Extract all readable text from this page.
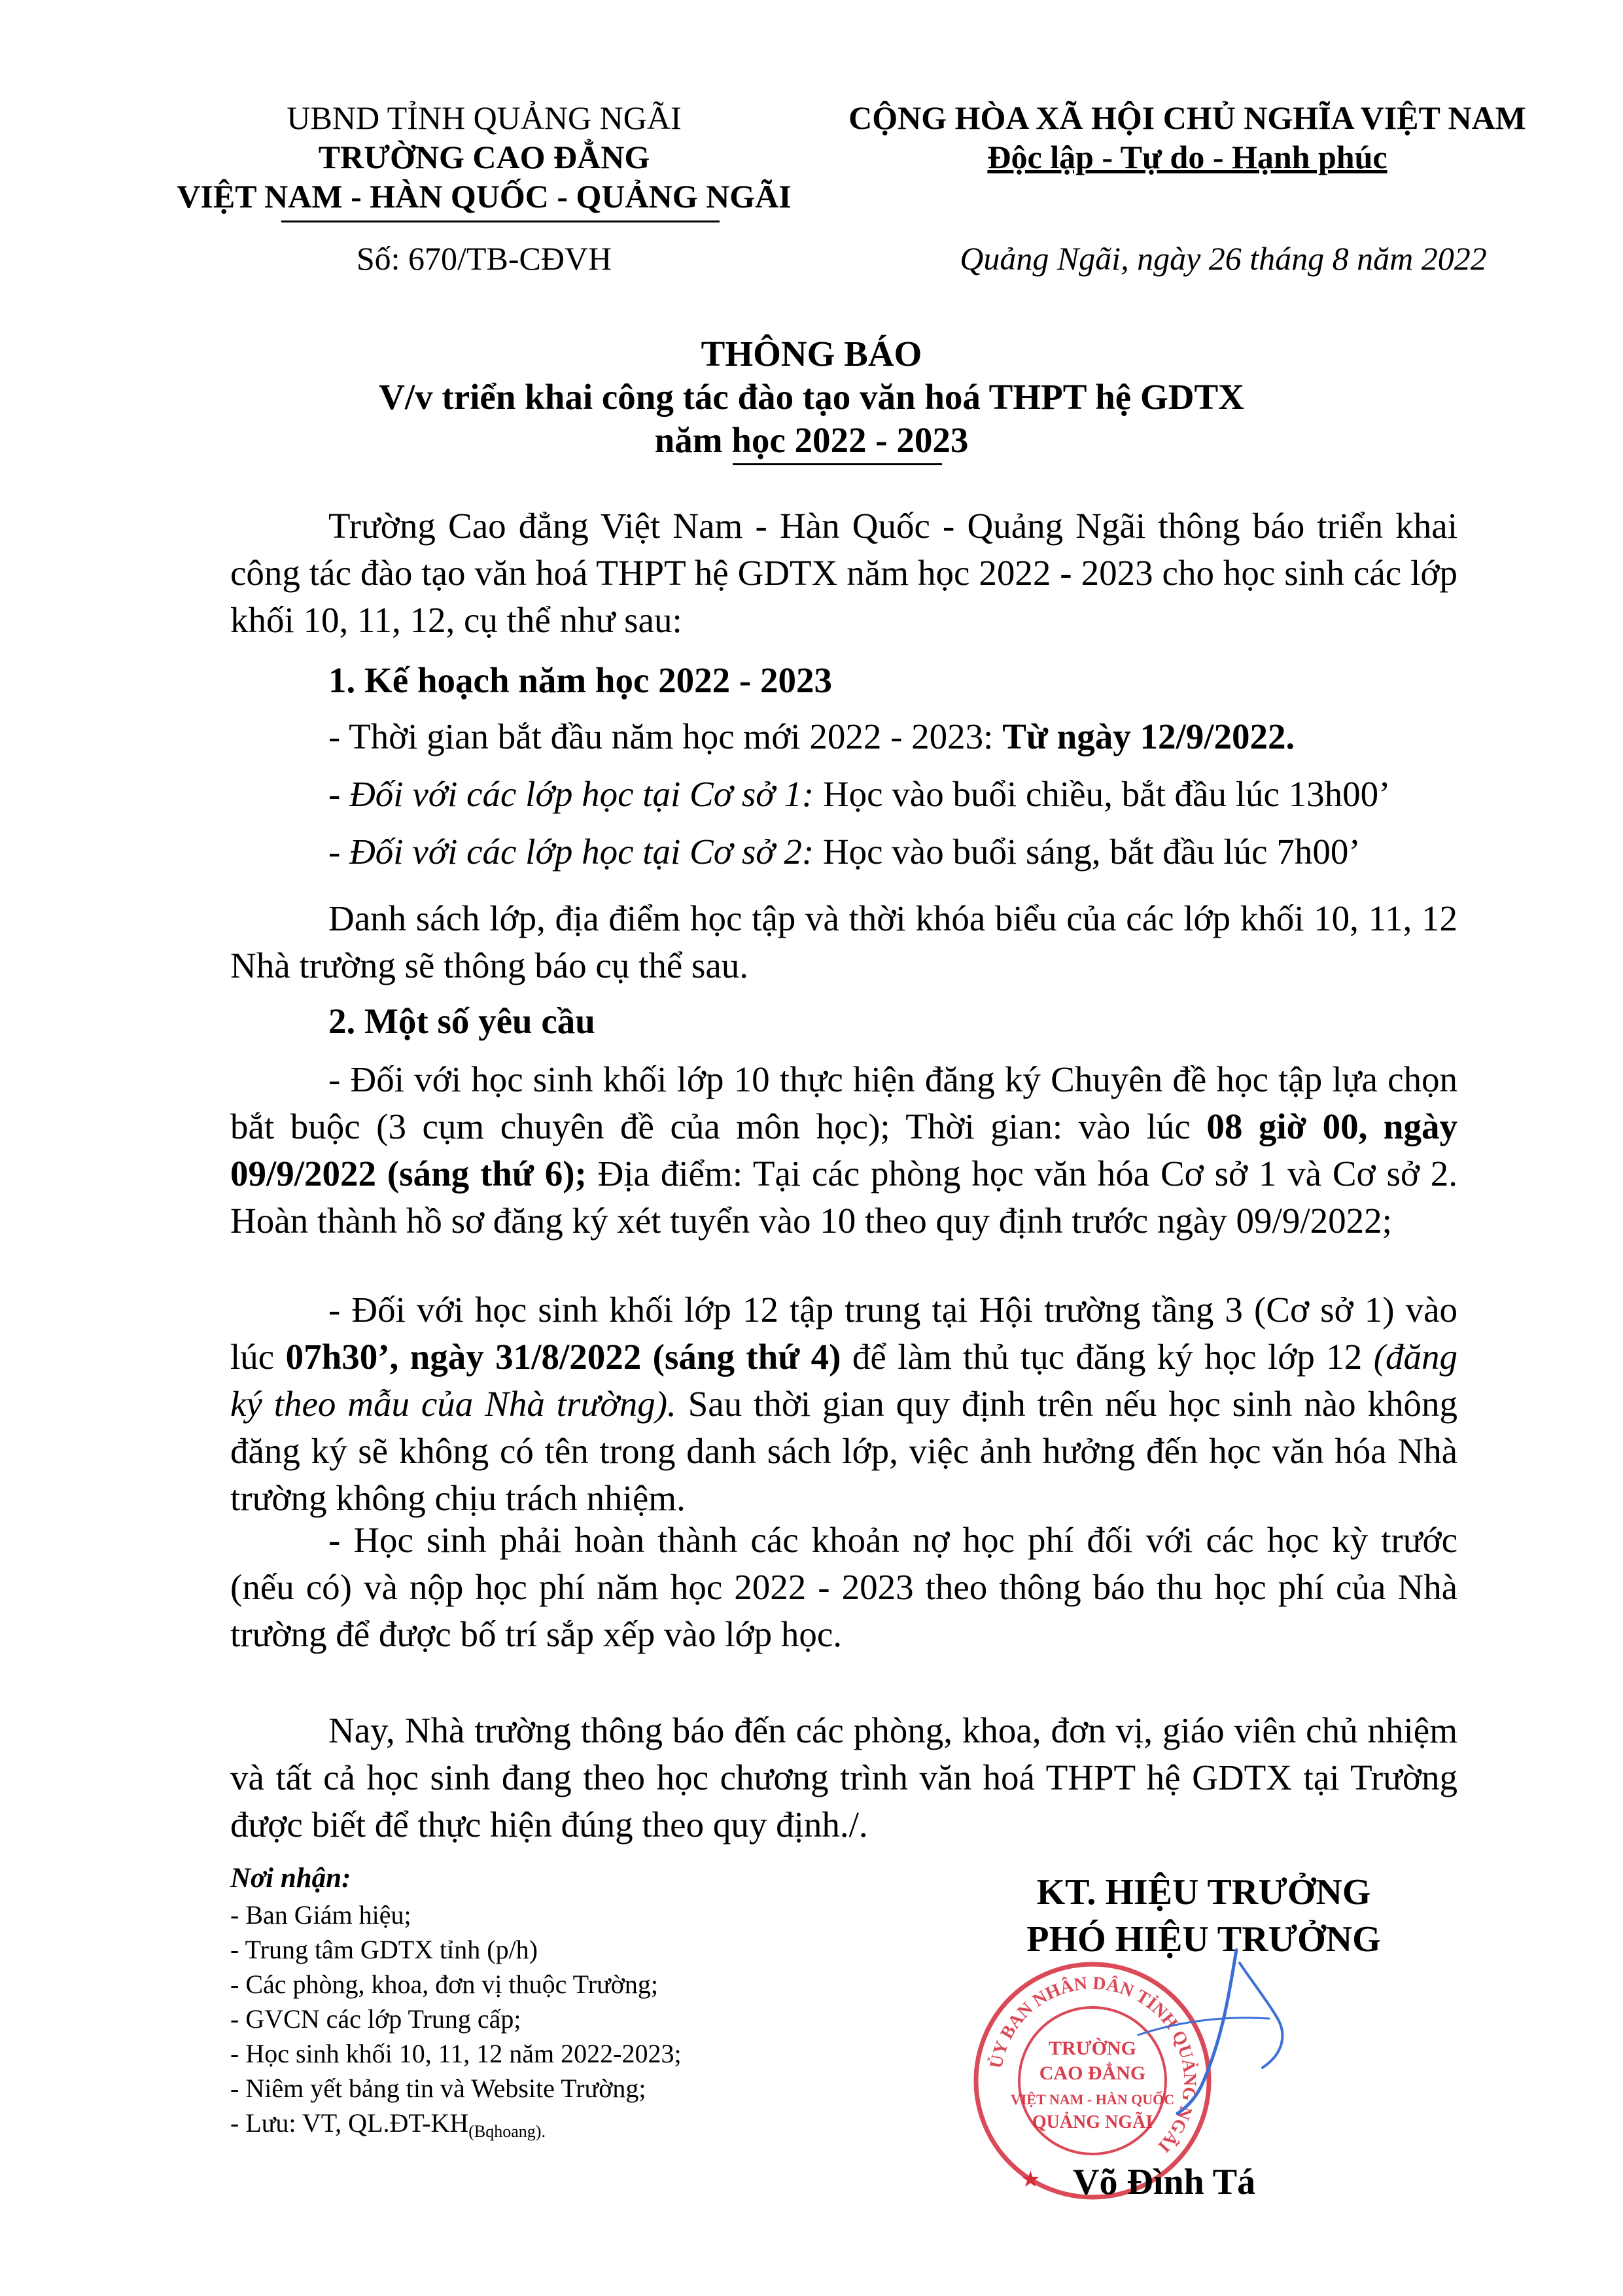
UBND TỈNH QUẢNG NGÃI
TRƯỜNG CAO ĐẲNG
VIỆT NAM - HÀN QUỐC - QUẢNG NGÃI
Số: 670/TB-CĐVH
CỘNG HÒA XÃ HỘI CHỦ NGHĨA VIỆT NAM
Độc lập - Tự do - Hạnh phúc
Quảng Ngãi, ngày 26 tháng 8 năm 2022
THÔNG BÁO
V/v triển khai công tác đào tạo văn hoá THPT hệ GDTX
năm học 2022 - 2023
Trường Cao đẳng Việt Nam - Hàn Quốc - Quảng Ngãi thông báo triển khai công tác đào tạo văn hoá THPT hệ GDTX năm học 2022 - 2023 cho học sinh các lớp khối 10, 11, 12, cụ thể như sau:
1. Kế hoạch năm học 2022 - 2023
- Thời gian bắt đầu năm học mới 2022 - 2023: Từ ngày 12/9/2022.
- Đối với các lớp học tại Cơ sở 1: Học vào buổi chiều, bắt đầu lúc 13h00’
- Đối với các lớp học tại Cơ sở 2: Học vào buổi sáng, bắt đầu lúc 7h00’
Danh sách lớp, địa điểm học tập và thời khóa biểu của các lớp khối 10, 11, 12 Nhà trường sẽ thông báo cụ thể sau.
2. Một số yêu cầu
- Đối với học sinh khối lớp 10 thực hiện đăng ký Chuyên đề học tập lựa chọn bắt buộc (3 cụm chuyên đề của môn học); Thời gian: vào lúc 08 giờ 00, ngày 09/9/2022 (sáng thứ 6); Địa điểm: Tại các phòng học văn hóa Cơ sở 1 và Cơ sở 2. Hoàn thành hồ sơ đăng ký xét tuyển vào 10 theo quy định trước ngày 09/9/2022;
- Đối với học sinh khối lớp 12 tập trung tại Hội trường tầng 3 (Cơ sở 1) vào lúc 07h30’, ngày 31/8/2022 (sáng thứ 4) để làm thủ tục đăng ký học lớp 12 (đăng ký theo mẫu của Nhà trường). Sau thời gian quy định trên nếu học sinh nào không đăng ký sẽ không có tên trong danh sách lớp, việc ảnh hưởng đến học văn hóa Nhà trường không chịu trách nhiệm.
- Học sinh phải hoàn thành các khoản nợ học phí đối với các học kỳ trước (nếu có) và nộp học phí năm học 2022 - 2023 theo thông báo thu học phí của Nhà trường để được bố trí sắp xếp vào lớp học.
Nay, Nhà trường thông báo đến các phòng, khoa, đơn vị, giáo viên chủ nhiệm và tất cả học sinh đang theo học chương trình văn hoá THPT hệ GDTX tại Trường được biết để thực hiện đúng theo quy định./.
Nơi nhận:
- Ban Giám hiệu;
- Trung tâm GDTX tỉnh (p/h)
- Các phòng, khoa, đơn vị thuộc Trường;
- GVCN các lớp Trung cấp;
- Học sinh khối 10, 11, 12 năm 2022-2023;
- Niêm yết bảng tin và Website Trường;
- Lưu: VT, $QL.ĐT-KH_{(Bqhoang).}$
KT. HIỆU TRƯỞNG
PHÓ HIỆU TRƯỞNG
ỦY BAN NHÂN DÂN TỈNH QUẢNG NGÃI
TRƯỜNG
CAO ĐẲNG
VIỆT NAM - HÀN QUỐC
QUẢNG NGÃI
★ Võ Đình Tá
